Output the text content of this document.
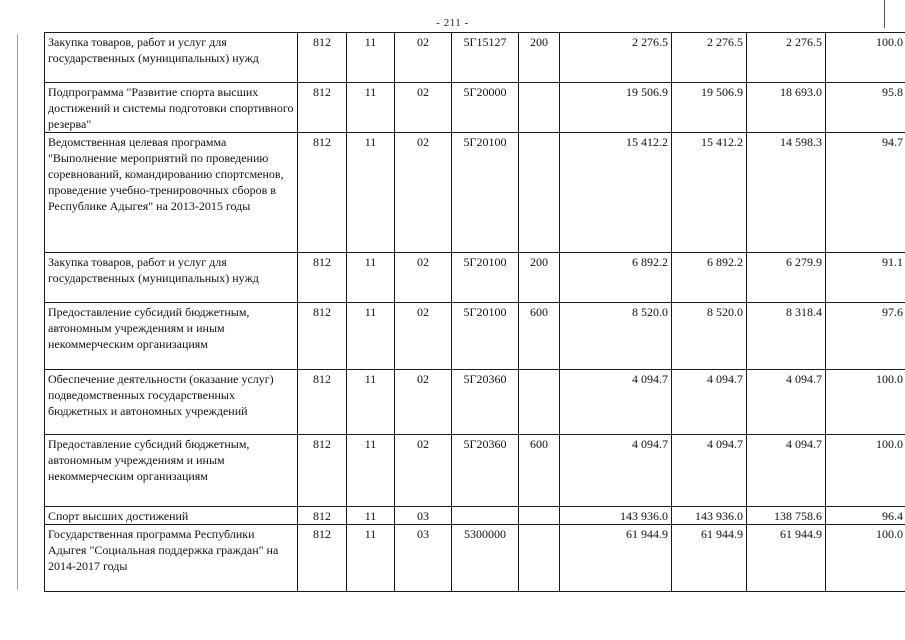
- 211 -
Закупка товаров, работ и услуг для государственных (муниципальных) нужд	812	11	02	5Г15127	200	2 276.5	2 276.5	2 276.5	100.0
Подпрограмма "Развитие спорта высших достижений и системы подготовки спортивного резерва"	812	11	02	5Г20000		19 506.9	19 506.9	18 693.0	95.8
Ведомственная целевая программа "Выполнение мероприятий по проведению соревнований, командированию спортсменов, проведение учебно-тренировочных сборов в Республике Адыгея" на 2013-2015 годы	812	11	02	5Г20100		15 412.2	15 412.2	14 598.3	94.7
Закупка товаров, работ и услуг для государственных (муниципальных) нужд	812	11	02	5Г20100	200	6 892.2	6 892.2	6 279.9	91.1
Предоставление субсидий бюджетным, автономным учреждениям и иным некоммерческим организациям	812	11	02	5Г20100	600	8 520.0	8 520.0	8 318.4	97.6
Обеспечение деятельности (оказание услуг) подведомственных государственных бюджетных и автономных учреждений	812	11	02	5Г20360		4 094.7	4 094.7	4 094.7	100.0
Предоставление субсидий бюджетным, автономным учреждениям и иным некоммерческим организациям	812	11	02	5Г20360	600	4 094.7	4 094.7	4 094.7	100.0
Спорт высших достижений	812	11	03			143 936.0	143 936.0	138 758.6	96.4
Государственная программа Республики Адыгея "Социальная поддержка граждан" на 2014-2017 годы	812	11	03	5300000		61 944.9	61 944.9	61 944.9	100.0
